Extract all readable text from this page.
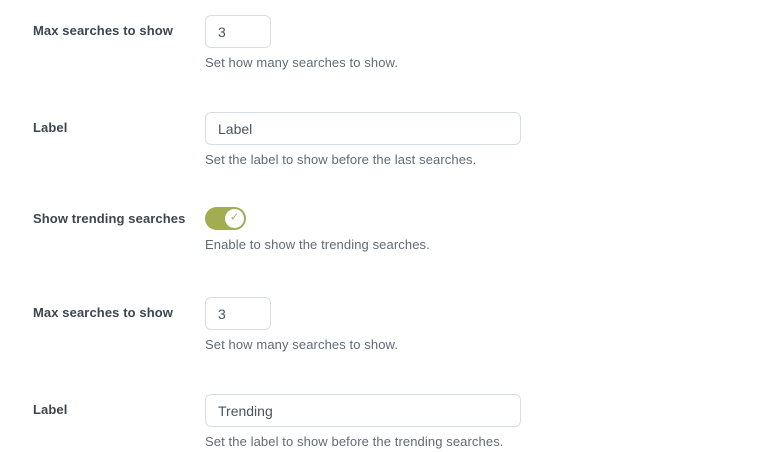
Max searches to show
3
Set how many searches to show.
Label
Label
Set the label to show before the last searches.
Show trending searches	✓
Enable to show the trending searches.
Max searches to show
3
Set how many searches to show.
Label
Trending
Set the label to show before the trending searches.
